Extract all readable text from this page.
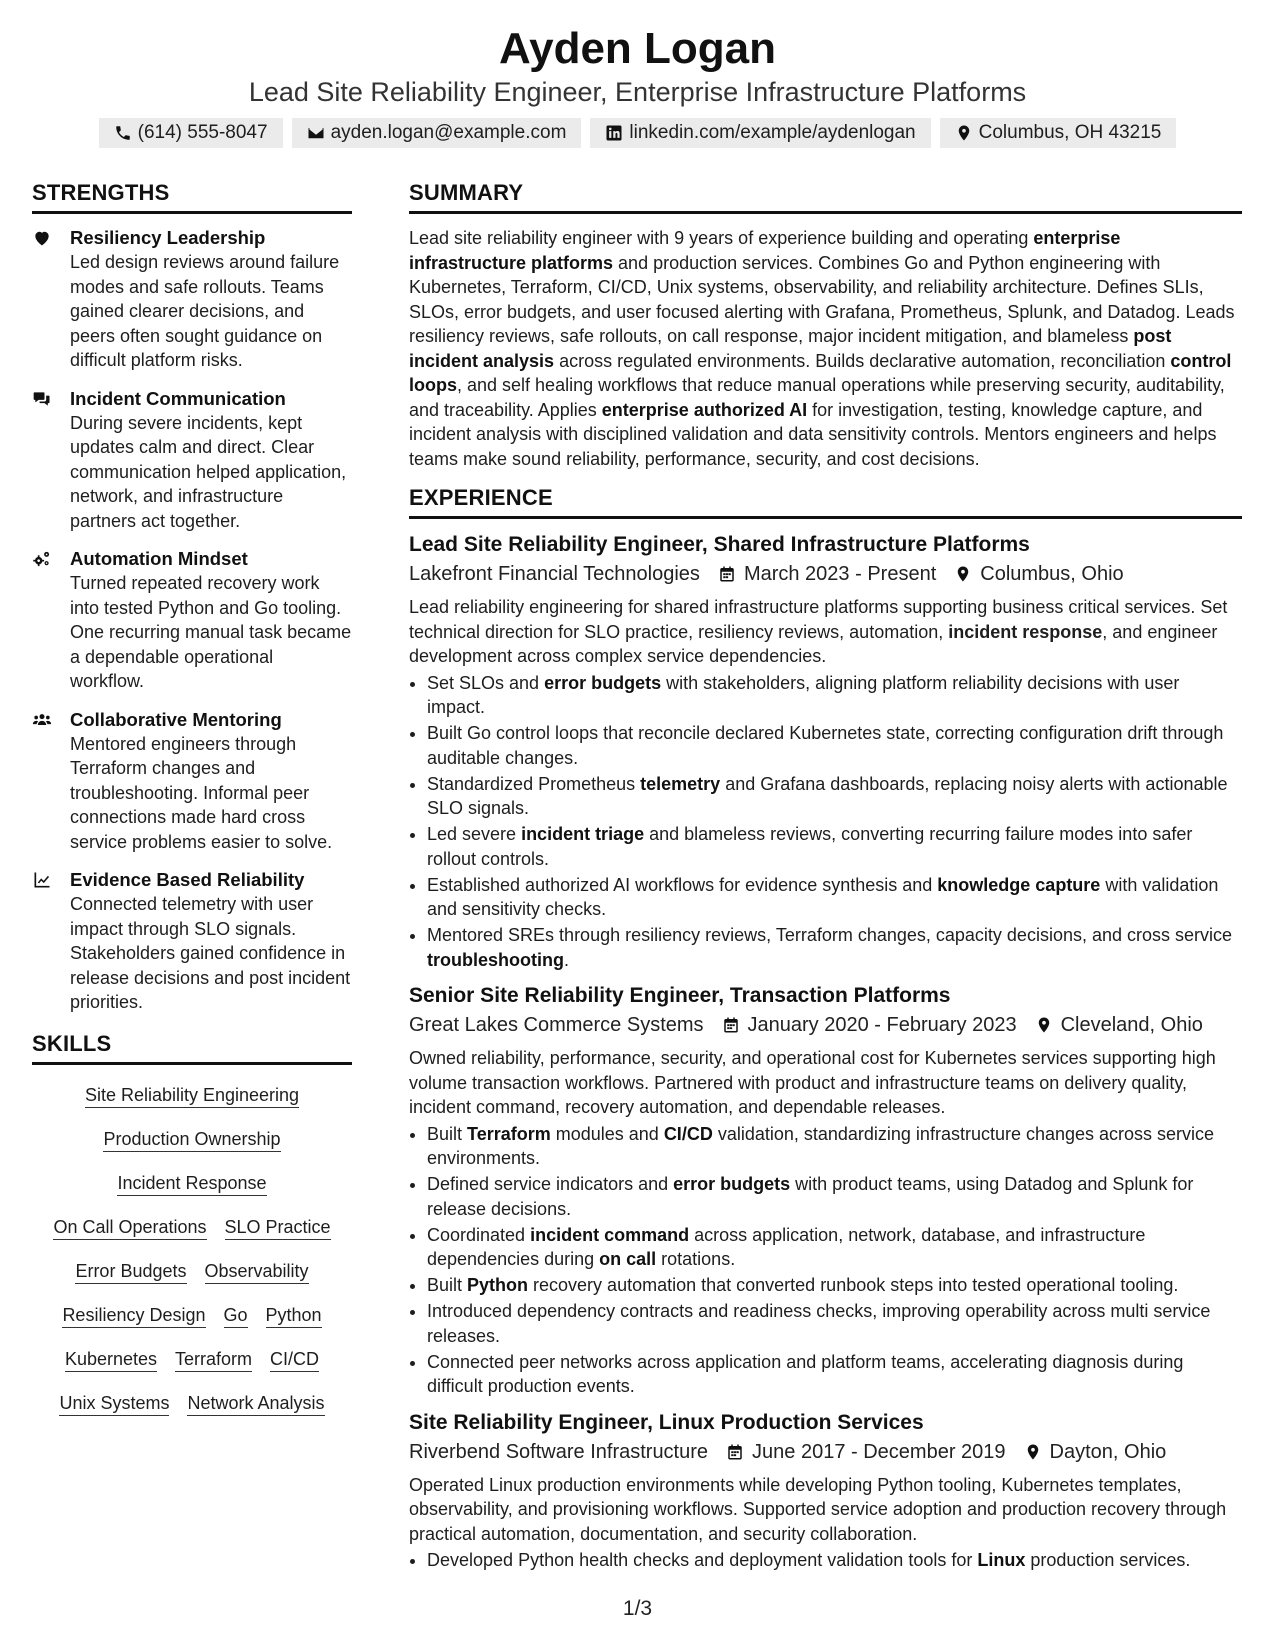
Ayden Logan
Lead Site Reliability Engineer, Enterprise Infrastructure Platforms
(614) 555-8047	ayden.logan@example.com	linkedin.com/example/aydenlogan	Columbus, OH 43215
STRENGTHS
Resiliency Leadership
Led design reviews around failure modes and safe rollouts. Teams gained clearer decisions, and peers often sought guidance on difficult platform risks.
Incident Communication
During severe incidents, kept updates calm and direct. Clear communication helped application, network, and infrastructure partners act together.
Automation Mindset
Turned repeated recovery work into tested Python and Go tooling. One recurring manual task became a dependable operational workflow.
Collaborative Mentoring
Mentored engineers through Terraform changes and troubleshooting. Informal peer connections made hard cross service problems easier to solve.
Evidence Based Reliability
Connected telemetry with user impact through SLO signals. Stakeholders gained confidence in release decisions and post incident priorities.
SKILLS
Site Reliability Engineering
Production Ownership
Incident Response
On Call Operations SLO Practice
Error Budgets Observability
Resiliency Design Go Python
Kubernetes Terraform CI/CD
Unix Systems Network Analysis
SUMMARY
Lead site reliability engineer with 9 years of experience building and operating enterprise infrastructure platforms and production services. Combines Go and Python engineering with Kubernetes, Terraform, CI/CD, Unix systems, observability, and reliability architecture. Defines SLIs, SLOs, error budgets, and user focused alerting with Grafana, Prometheus, Splunk, and Datadog. Leads resiliency reviews, safe rollouts, on call response, major incident mitigation, and blameless post incident analysis across regulated environments. Builds declarative automation, reconciliation control loops, and self healing workflows that reduce manual operations while preserving security, auditability, and traceability. Applies enterprise authorized AI for investigation, testing, knowledge capture, and incident analysis with disciplined validation and data sensitivity controls. Mentors engineers and helps teams make sound reliability, performance, security, and cost decisions.
EXPERIENCE
Lead Site Reliability Engineer, Shared Infrastructure Platforms
Lakefront Financial Technologies March 2023 - Present Columbus, Ohio
Lead reliability engineering for shared infrastructure platforms supporting business critical services. Set technical direction for SLO practice, resiliency reviews, automation, incident response, and engineer development across complex service dependencies.
• Set SLOs and error budgets with stakeholders, aligning platform reliability decisions with user impact.
• Built Go control loops that reconcile declared Kubernetes state, correcting configuration drift through auditable changes.
• Standardized Prometheus telemetry and Grafana dashboards, replacing noisy alerts with actionable SLO signals.
• Led severe incident triage and blameless reviews, converting recurring failure modes into safer rollout controls.
• Established authorized AI workflows for evidence synthesis and knowledge capture with validation and sensitivity checks.
• Mentored SREs through resiliency reviews, Terraform changes, capacity decisions, and cross service troubleshooting.
Senior Site Reliability Engineer, Transaction Platforms
Great Lakes Commerce Systems January 2020 - February 2023 Cleveland, Ohio
Owned reliability, performance, security, and operational cost for Kubernetes services supporting high volume transaction workflows. Partnered with product and infrastructure teams on delivery quality, incident command, recovery automation, and dependable releases.
• Built Terraform modules and CI/CD validation, standardizing infrastructure changes across service environments.
• Defined service indicators and error budgets with product teams, using Datadog and Splunk for release decisions.
• Coordinated incident command across application, network, database, and infrastructure dependencies during on call rotations.
• Built Python recovery automation that converted runbook steps into tested operational tooling.
• Introduced dependency contracts and readiness checks, improving operability across multi service releases.
• Connected peer networks across application and platform teams, accelerating diagnosis during difficult production events.
Site Reliability Engineer, Linux Production Services
Riverbend Software Infrastructure June 2017 - December 2019 Dayton, Ohio
Operated Linux production environments while developing Python tooling, Kubernetes templates, observability, and provisioning workflows. Supported service adoption and production recovery through practical automation, documentation, and security collaboration.
• Developed Python health checks and deployment validation tools for Linux production services.
1/3
